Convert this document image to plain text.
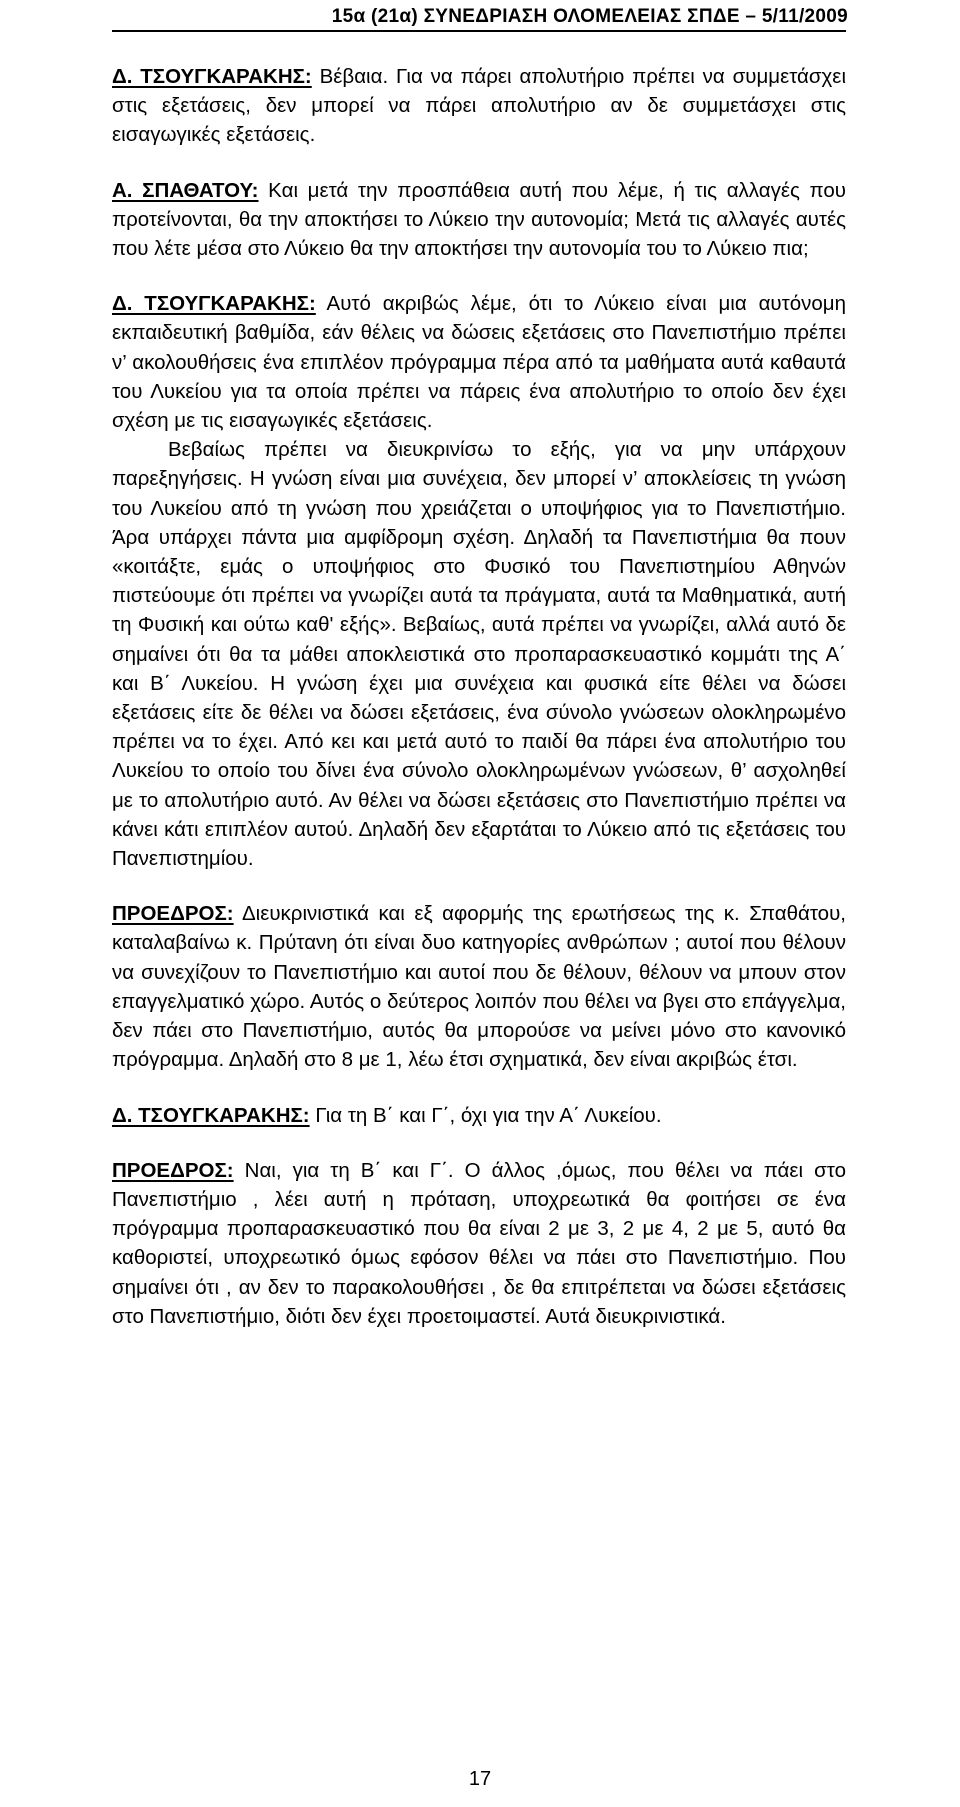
15α (21α) ΣΥΝΕΔΡΙΑΣΗ ΟΛΟΜΕΛΕΙΑΣ ΣΠΔΕ – 5/11/2009

Δ. ΤΣΟΥΓΚΑΡΑΚΗΣ: Βέβαια. Για να πάρει απολυτήριο πρέπει να συμμετάσχει στις εξετάσεις, δεν μπορεί να πάρει απολυτήριο αν δε συμμετάσχει στις εισαγωγικές εξετάσεις.

Α. ΣΠΑΘΑΤΟΥ: Και μετά την προσπάθεια αυτή που λέμε, ή τις αλλαγές που προτείνονται, θα την αποκτήσει το Λύκειο την αυτονομία; Μετά τις αλλαγές αυτές που λέτε μέσα στο Λύκειο θα την αποκτήσει την αυτονομία του το Λύκειο πια;

Δ. ΤΣΟΥΓΚΑΡΑΚΗΣ: Αυτό ακριβώς λέμε, ότι το Λύκειο είναι μια αυτόνομη εκπαιδευτική βαθμίδα, εάν θέλεις να δώσεις εξετάσεις στο Πανεπιστήμιο πρέπει ν’ ακολουθήσεις ένα επιπλέον πρόγραμμα πέρα από τα μαθήματα αυτά καθαυτά του Λυκείου για τα οποία πρέπει να πάρεις ένα απολυτήριο το οποίο δεν έχει σχέση με τις εισαγωγικές εξετάσεις.

Βεβαίως πρέπει να διευκρινίσω το εξής, για να μην υπάρχουν παρεξηγήσεις. Η γνώση είναι μια συνέχεια, δεν μπορεί ν’ αποκλείσεις τη γνώση του Λυκείου από τη γνώση που χρειάζεται ο υποψήφιος για το Πανεπιστήμιο. Άρα υπάρχει πάντα μια αμφίδρομη σχέση. Δηλαδή τα Πανεπιστήμια θα πουν «κοιτάξτε, εμάς ο υποψήφιος στο Φυσικό του Πανεπιστημίου Αθηνών πιστεύουμε ότι πρέπει να γνωρίζει αυτά τα πράγματα, αυτά τα Μαθηματικά, αυτή τη Φυσική και ούτω καθ' εξής». Βεβαίως, αυτά πρέπει να γνωρίζει, αλλά αυτό δε σημαίνει ότι θα τα μάθει αποκλειστικά στο προπαρασκευαστικό κομμάτι της Α΄ και Β΄ Λυκείου. Η γνώση έχει μια συνέχεια και φυσικά είτε θέλει να δώσει εξετάσεις είτε δε θέλει να δώσει εξετάσεις, ένα σύνολο γνώσεων ολοκληρωμένο πρέπει να το έχει. Από κει και μετά αυτό το παιδί θα πάρει ένα απολυτήριο του Λυκείου το οποίο του δίνει ένα σύνολο ολοκληρωμένων γνώσεων, θ’ ασχοληθεί με το απολυτήριο αυτό. Αν θέλει να δώσει εξετάσεις στο Πανεπιστήμιο πρέπει να κάνει κάτι επιπλέον αυτού. Δηλαδή δεν εξαρτάται το Λύκειο από τις εξετάσεις του Πανεπιστημίου.

ΠΡΟΕΔΡΟΣ: Διευκρινιστικά και εξ αφορμής της ερωτήσεως της κ. Σπαθάτου, καταλαβαίνω κ. Πρύτανη ότι είναι δυο κατηγορίες ανθρώπων ; αυτοί που θέλουν να συνεχίζουν το Πανεπιστήμιο και αυτοί που δε θέλουν, θέλουν να μπουν στον επαγγελματικό χώρο. Αυτός ο δεύτερος λοιπόν που θέλει να βγει στο επάγγελμα, δεν πάει στο Πανεπιστήμιο, αυτός θα μπορούσε να μείνει μόνο στο κανονικό πρόγραμμα. Δηλαδή στο 8 με 1, λέω έτσι σχηματικά, δεν είναι ακριβώς έτσι.

Δ. ΤΣΟΥΓΚΑΡΑΚΗΣ: Για τη Β΄ και Γ΄, όχι για την Α΄ Λυκείου.

ΠΡΟΕΔΡΟΣ: Ναι, για τη Β΄ και Γ΄. Ο άλλος ,όμως, που θέλει να πάει στο Πανεπιστήμιο , λέει αυτή η πρόταση, υποχρεωτικά θα φοιτήσει σε ένα πρόγραμμα προπαρασκευαστικό που θα είναι 2 με 3, 2 με 4, 2 με 5, αυτό θα καθοριστεί, υποχρεωτικό όμως εφόσον θέλει να πάει στο Πανεπιστήμιο. Που σημαίνει ότι , αν δεν το παρακολουθήσει , δε θα επιτρέπεται να δώσει εξετάσεις στο Πανεπιστήμιο, διότι δεν έχει προετοιμαστεί. Αυτά διευκρινιστικά.

17
